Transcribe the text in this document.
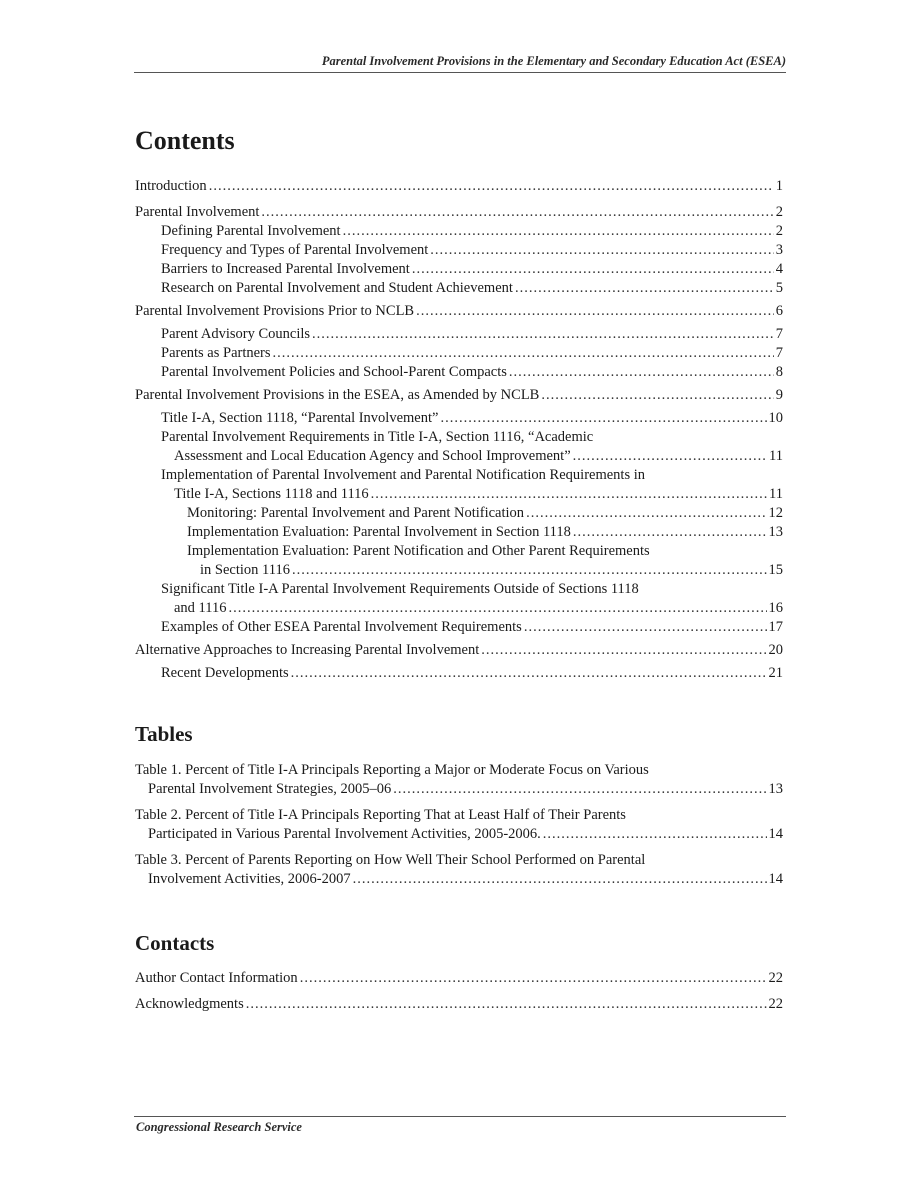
Parental Involvement Provisions in the Elementary and Secondary Education Act (ESEA)
Contents
Introduction .....	1
Parental Involvement .....	2
Defining Parental Involvement .....	2
Frequency and Types of Parental Involvement .....	3
Barriers to Increased Parental Involvement .....	4
Research on Parental Involvement and Student Achievement .....	5
Parental Involvement Provisions Prior to NCLB .....	6
Parent Advisory Councils .....	7
Parents as Partners .....	7
Parental Involvement Policies and School-Parent Compacts .....	8
Parental Involvement Provisions in the ESEA, as Amended by NCLB .....	9
Title I-A, Section 1118, “Parental Involvement” .....	10
Parental Involvement Requirements in Title I-A, Section 1116, “Academic
Assessment and Local Education Agency and School Improvement” .....	11
Implementation of Parental Involvement and Parental Notification Requirements in
Title I-A, Sections 1118 and 1116 .....	11
Monitoring: Parental Involvement and Parent Notification .....	12
Implementation Evaluation: Parental Involvement in Section 1118 .....	13
Implementation Evaluation: Parent Notification and Other Parent Requirements
in Section 1116 .....	15
Significant Title I-A Parental Involvement Requirements Outside of Sections 1118
and 1116 .....	16
Examples of Other ESEA Parental Involvement Requirements .....	17
Alternative Approaches to Increasing Parental Involvement .....	20
Recent Developments .....	21
Tables
Table 1. Percent of Title I-A Principals Reporting a Major or Moderate Focus on Various
Parental Involvement Strategies, 2005–06 .....	13
Table 2. Percent of Title I-A Principals Reporting That at Least Half of Their Parents
Participated in Various Parental Involvement Activities, 2005-2006. .....	14
Table 3. Percent of Parents Reporting on How Well Their School Performed on Parental
Involvement Activities, 2006-2007 .....	14
Contacts
Author Contact Information .....	22
Acknowledgments .....	22
Congressional Research Service
